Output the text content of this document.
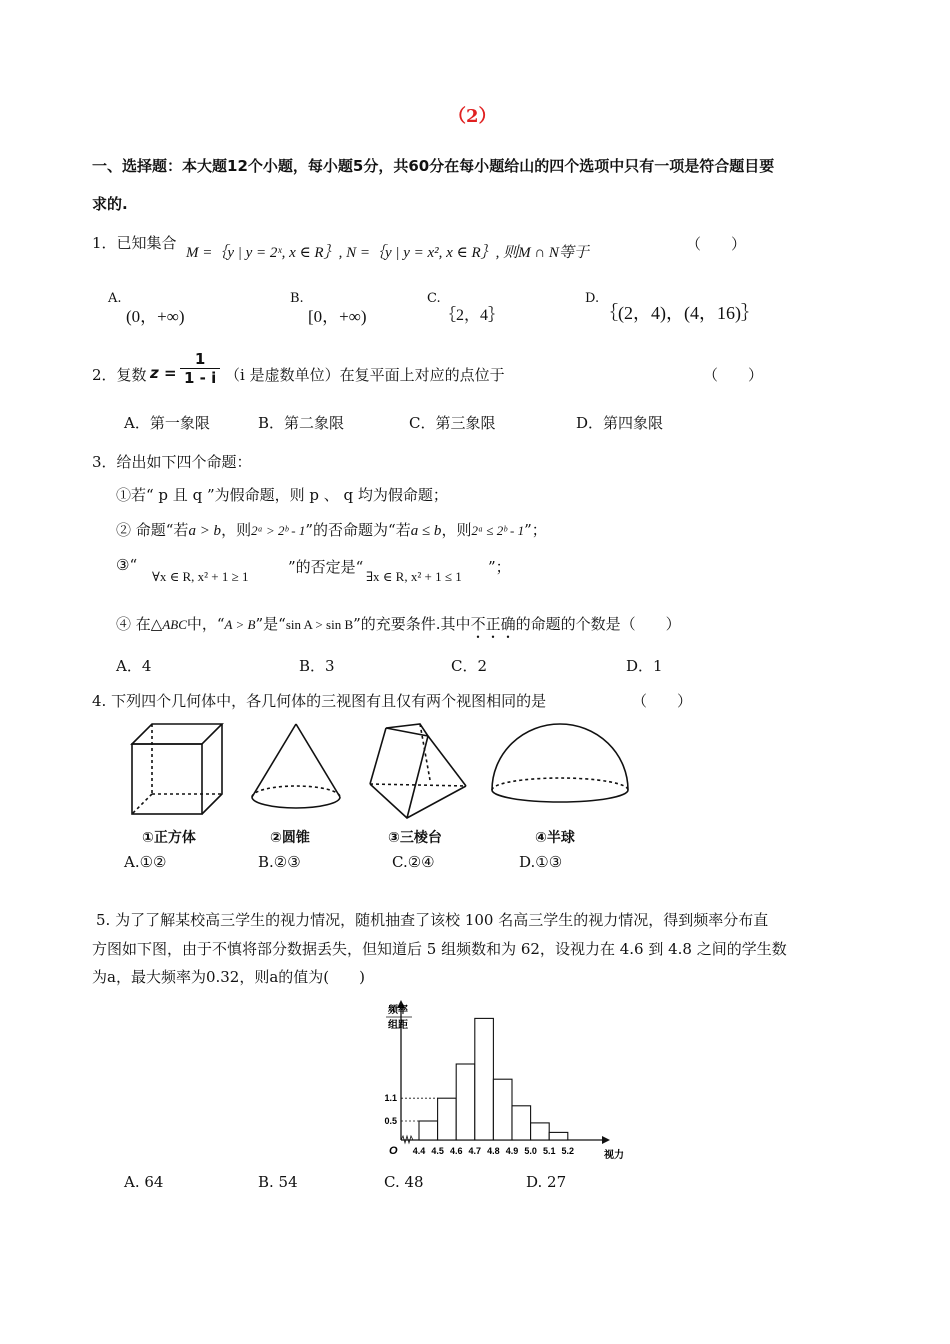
（2）
一、选择题：本大题12个小题，每小题5分，共60分在每小题给山的四个选项中只有一项是符合题目要
求的.
1．已知集合
M =｛y | y = 2ˣ, x ∈ R｝, N =｛y | y = x², x ∈ R｝, 则M ∩ N等于	（　　）
A.
(0，+∞)
B.
[0，+∞)
C.
｛2，4｝
D.
｛(2，4)，(4，16)｝
2．复数 $z = \frac{1}{1 - i} (i$ 是虚数单位）在复平面上对应的点位于	（　　）
A．第一象限	B．第二象限	C．第三象限	D．第四象限
3．给出如下四个命题：
①若“ p 且 q ”为假命题，则 p 、 q 均为假命题；
② 命题“若a > b，则2ᵃ > 2ᵇ - 1”的否命题为“若a ≤ b，则2ᵃ ≤ 2ᵇ - 1”；
③“
∀x ∈ R, x² + 1 ≥ 1
”的否定是“
∃x ∈ R, x² + 1 ≤ 1
”；
④ 在△ABC中，“A > B”是“sin A > sin B”的充要条件.其中不正确的命题的个数是（　　）
A．4	B．3	C．2	D．1
4. 下列四个几何体中，各几何体的三视图有且仅有两个视图相同的是	（　　）
①正方体	②圆锥	③三棱台	④半球
A.①②	B.②③	C.②④	D.①③
5. 为了了解某校高三学生的视力情况，随机抽查了该校 100 名高三学生的视力情况，得到频率分布直
方图如下图，由于不慎将部分数据丢失，但知道后 5 组频数和为 62，设视力在 4.6 到 4.8 之间的学生数
为a，最大频率为0.32，则a的值为(　　)
频率
组距
O	视力
4.4 4.5 4.6 4.7 4.8 4.9 5.0 5.1 5.2
0.5
1.1
A. 64	B. 54	C. 48	D. 27
